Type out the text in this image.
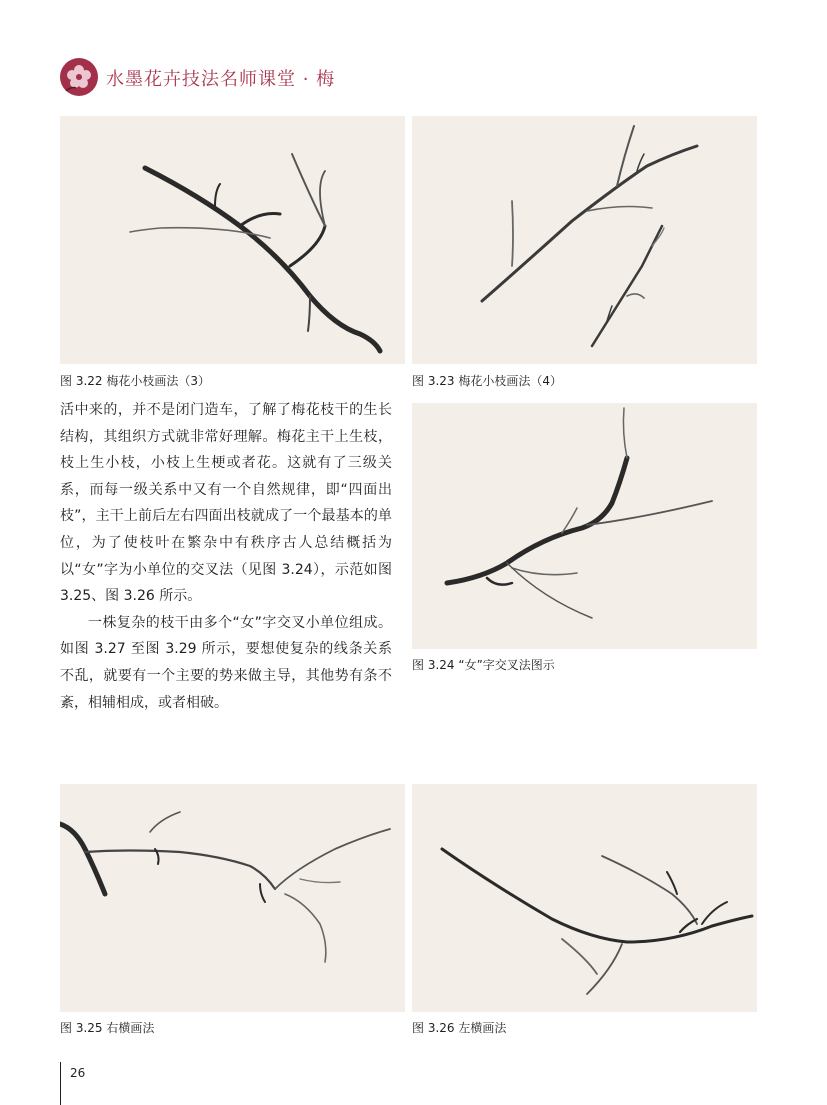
水墨花卉技法名师课堂 · 梅
图 3.22 梅花小枝画法（3）	图 3.23 梅花小枝画法（4）

活中来的，并不是闭门造车，了解了梅花枝干的生长结构，其组织方式就非常好理解。梅花主干上生枝，枝上生小枝，小枝上生梗或者花。这就有了三级关系，而每一级关系中又有一个自然规律，即“四面出枝”，主干上前后左右四面出枝就成了一个最基本的单位，为了使枝叶在繁杂中有秩序古人总结概括为以“女”字为小单位的交叉法（见图 3.24），示范如图 3.25、图 3.26 所示。

一株复杂的枝干由多个“女”字交叉小单位组成。如图 3.27 至图 3.29 所示，要想使复杂的线条关系不乱，就要有一个主要的势来做主导，其他势有条不紊，相辅相成，或者相破。

图 3.24 “女”字交叉法图示
图 3.25 右横画法	图 3.26 左横画法
26
